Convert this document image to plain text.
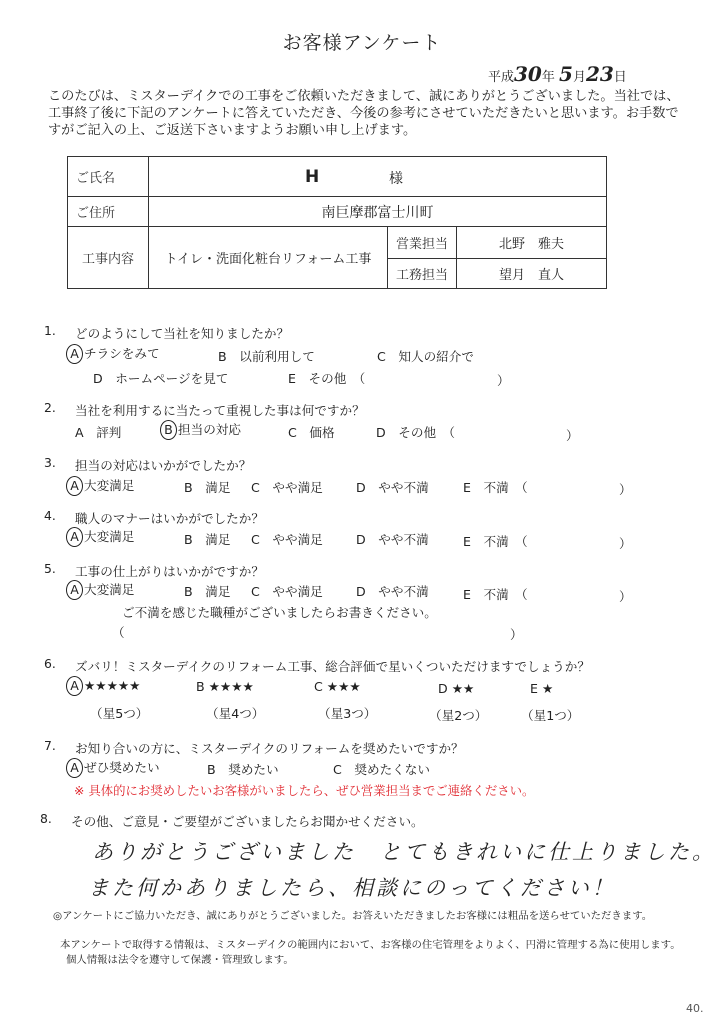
お客様アンケート
平成30年 5月23日
このたびは、ミスターデイクでの工事をご依頼いただきまして、誠にありがとうございました。当社では、工事終了後に下記のアンケートに答えていただき、今後の参考にさせていただきたいと思います。お手数ですがご記入の上、ご返送下さいますようお願い申し上げます。
ご氏名	H 様		

ご住所	南巨摩郡富士川町		
工事内容	トイレ・洗面化粧台リフォーム工事	営業担当	北野　雅夫
		工務担当	望月　直人
1. どのようにして当社を知りましたか？
A チラシをみて	B　以前利用して	C　知人の紹介で
D　ホームページを見て	E　その他　（	）
2. 当社を利用するに当たって重視した事は何ですか？
A　評判	B 担当の対応	C　価格	D　その他　（	）
3. 担当の対応はいかがでしたか？
A 大変満足	B　満足 C　やや満足	D　やや不満	E　不満　（	）
4. 職人のマナーはいかがでしたか？
A 大変満足	B　満足 C　やや満足	D　やや不満	E　不満　（	）
5. 工事の仕上がりはいかがですか？
A 大変満足	B　満足 C　やや満足	D　やや不満	E　不満　（	）
ご不満を感じた職種がございましたらお書きください。
（	）
6. ズバリ！ミスターデイクのリフォーム工事、総合評価で星いくついただけますでしょうか？
A ★★★★★	B ★★★★	C ★★★	D ★★	E ★
（星5つ）	（星4つ）	（星3つ）	（星2つ）	（星1つ）
7. お知り合いの方に、ミスターデイクのリフォームを奨めたいですか？
A ぜひ奨めたい	B　奨めたい	C　奨めたくない
※ 具体的にお奨めしたいお客様がいましたら、ぜひ営業担当までご連絡ください。
8. その他、ご意見・ご要望がございましたらお聞かせください。
ありがとうございました　とてもきれいに仕上りました。
また何かありましたら、相談にのってください！
◎アンケートにご協力いただき、誠にありがとうございました。お答えいただきましたお客様には粗品を送らせていただきます。
本アンケートで取得する情報は、ミスターデイクの範囲内において、お客様の住宅管理をよりよく、円滑に管理する為に使用します。
個人情報は法令を遵守して保護・管理致します。
40.
